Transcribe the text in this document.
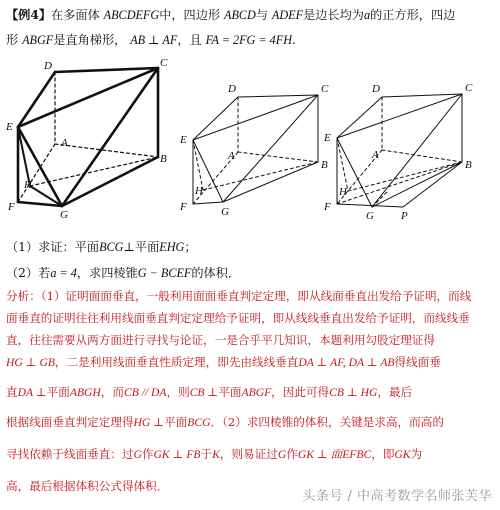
【例4】在多面体 ABCDEFG中，四边形 ABCD与 ADEF是边长均为a的正方形，四边
形 ABGF是直角梯形， AB ⊥ AF，且 FA = 2FG = 4FH.
D	C
A
B
E
H
F
G
D	C
A
B
E
H
F	G
D	C
A
B
E
H
F
G P
（1）求证：平面BCG⊥平面EHG；
（2）若a = 4，求四棱锥G − BCEF的体积．
分析：（1）证明面面垂直，一般利用面面垂直判定定理，即从线面垂直出发给予证明，而线
面垂直的证明往往利用线面垂直判定定理给予证明，即从线线垂直出发给予证明，而线线垂
直，往往需要从两方面进行寻找与论证，一是合乎平几知识，本题利用勾股定理证得
HG ⊥ GB，二是利用线面垂直性质定理，即先由线线垂直DA ⊥ AF, DA ⊥ AB得线面垂
直DA ⊥平面ABGH，而CB // DA，则CB ⊥平面ABGF，因此可得CB ⊥ HG，最后
根据线面垂直判定定理得HG ⊥平面BCG．（2）求四棱锥的体积，关键是求高，而高的
寻找依赖于线面垂直：过G作GK ⊥ FB于K，则易证过G作GK ⊥ 面EFBC，即GK为
高，最后根据体积公式得体积．
头条号 / 中高考数学名师张芙华
